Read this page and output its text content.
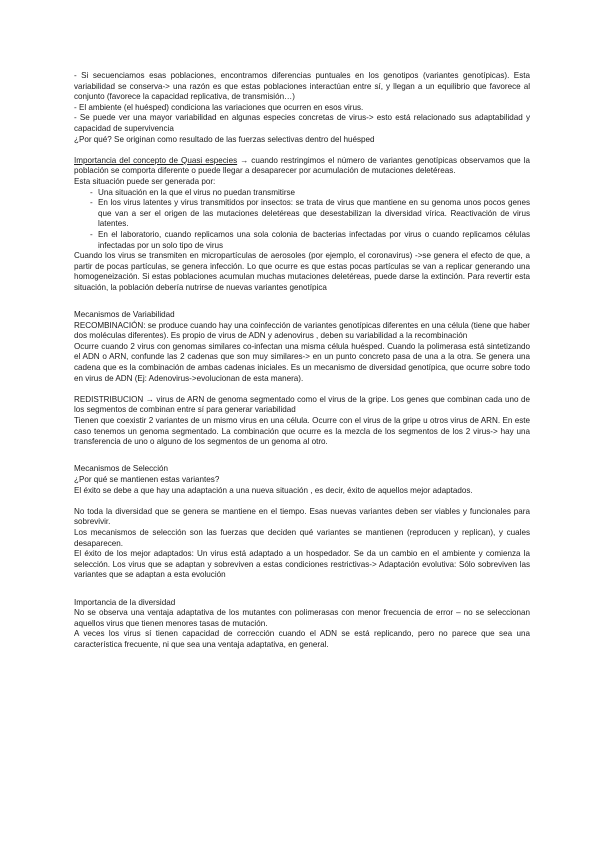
- Si secuenciamos esas poblaciones, encontramos diferencias puntuales en los genotipos (variantes genotípicas). Esta variabilidad se conserva-> una razón es que estas poblaciones interactúan entre sí, y llegan a un equilibrio que favorece al conjunto (favorece la capacidad replicativa, de transmisión…)

- El ambiente (el huésped) condiciona las variaciones que ocurren en esos virus.

- Se puede ver una mayor variabilidad en algunas especies concretas de virus-> esto está relacionado sus adaptabilidad y capacidad de supervivencia

¿Por qué? Se originan como resultado de las fuerzas selectivas dentro del huésped

Importancia del concepto de Quasi especies → cuando restringimos el número de variantes genotípicas observamos que la población se comporta diferente o puede llegar a desaparecer por acumulación de mutaciones deletéreas.

Esta situación puede ser generada por:

- Una situación en la que el virus no puedan transmitirse
- En los virus latentes y virus transmitidos por insectos: se trata de virus que mantiene en su genoma unos pocos genes que van a ser el origen de las mutaciones deletéreas que desestabilizan la diversidad vírica. Reactivación de virus latentes.
- En el laboratorio, cuando replicamos una sola colonia de bacterias infectadas por virus o cuando replicamos células infectadas por un solo tipo de virus

Cuando los virus se transmiten en micropartículas de aerosoles (por ejemplo, el coronavirus) ->se genera el efecto de que, a partir de pocas partículas, se genera infección. Lo que ocurre es que estas pocas partículas se van a replicar generando una homogeneización. Si estas poblaciones acumulan muchas mutaciones deletéreas, puede darse la extinción. Para revertir esta situación, la población debería nutrirse de nuevas variantes genotípica

Mecanismos de Variabilidad

RECOMBINACIÓN: se produce cuando hay una coinfección de variantes genotípicas diferentes en una célula (tiene que haber dos moléculas diferentes). Es propio de virus de ADN y adenovirus , deben su variabilidad a la recombinación

Ocurre cuando 2 virus con genomas similares co-infectan una misma célula huésped. Cuando la polimerasa está sintetizando el ADN o ARN, confunde las 2 cadenas que son muy similares-> en un punto concreto pasa de una a la otra. Se genera una cadena que es la combinación de ambas cadenas iniciales. Es un mecanismo de diversidad genotípica, que ocurre sobre todo en virus de ADN (Ej: Adenovirus->evolucionan de esta manera).

REDISTRIBUCION → virus de ARN de genoma segmentado como el virus de la gripe. Los genes que combinan cada uno de los segmentos de combinan entre sí para generar variabilidad

Tienen que coexistir 2 variantes de un mismo virus en una célula. Ocurre con el virus de la gripe u otros virus de ARN. En este caso tenemos un genoma segmentado. La combinación que ocurre es la mezcla de los segmentos de los 2 virus-> hay una transferencia de uno o alguno de los segmentos de un genoma al otro.

Mecanismos de Selección

¿Por qué se mantienen estas variantes?

El éxito se debe a que hay una adaptación a una nueva situación , es decir, éxito de aquellos mejor adaptados.

No toda la diversidad que se genera se mantiene en el tiempo. Esas nuevas variantes deben ser viables y funcionales para sobrevivir.

Los mecanismos de selección son las fuerzas que deciden qué variantes se mantienen (reproducen y replican), y cuales desaparecen.

El éxito de los mejor adaptados: Un virus está adaptado a un hospedador. Se da un cambio en el ambiente y comienza la selección. Los virus que se adaptan y sobreviven a estas condiciones restrictivas-> Adaptación evolutiva: Sólo sobreviven las variantes que se adaptan a esta evolución

Importancia de la diversidad

No se observa una ventaja adaptativa de los mutantes con polimerasas con menor frecuencia de error – no se seleccionan aquellos virus que tienen menores tasas de mutación.

A veces los virus sí tienen capacidad de corrección cuando el ADN se está replicando, pero no parece que sea una característica frecuente, ni que sea una ventaja adaptativa, en general.
